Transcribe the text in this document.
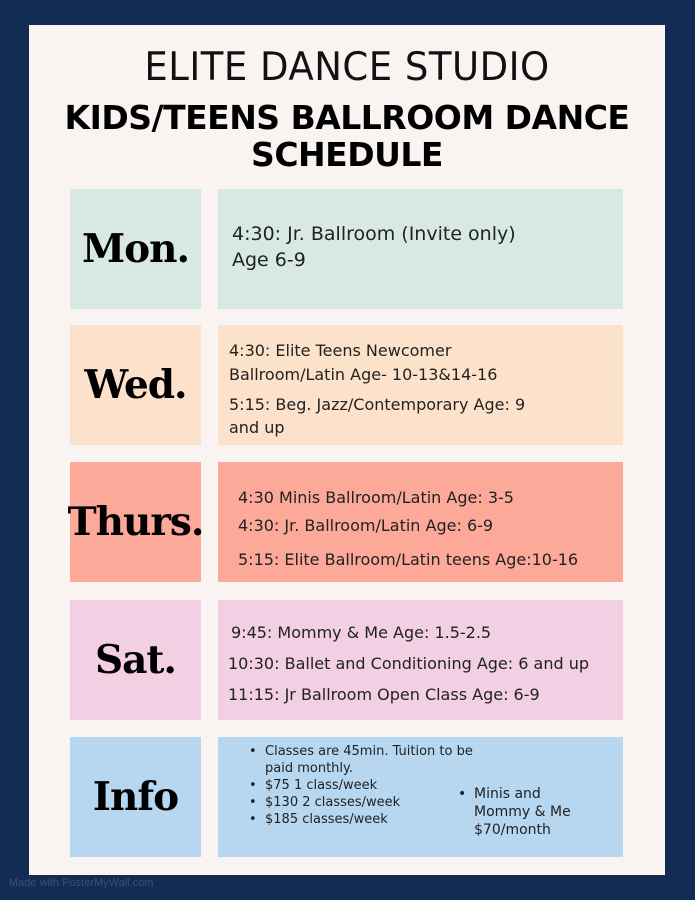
ELITE DANCE STUDIO
KIDS/TEENS BALLROOM DANCE
SCHEDULE
Mon.	4:30: Jr. Ballroom (Invite only)
Age 6-9
Wed.
4:30: Elite Teens Newcomer
Ballroom/Latin Age- 10-13&14-16
5:15: Beg. Jazz/Contemporary Age: 9
and up
Thurs.
4:30 Minis Ballroom/Latin Age: 3-5
4:30: Jr. Ballroom/Latin Age: 6-9
5:15: Elite Ballroom/Latin teens Age:10-16
Sat.
9:45: Mommy & Me Age: 1.5-2.5
10:30: Ballet and Conditioning Age: 6 and up
11:15: Jr Ballroom Open Class Age: 6-9
Info
• Classes are 45min. Tuition to be
paid monthly.
• $75 1 class/week
• $130 2 classes/week
• $185 classes/week
• Minis and
Mommy & Me
$70/month
Made with PosterMyWall.com
